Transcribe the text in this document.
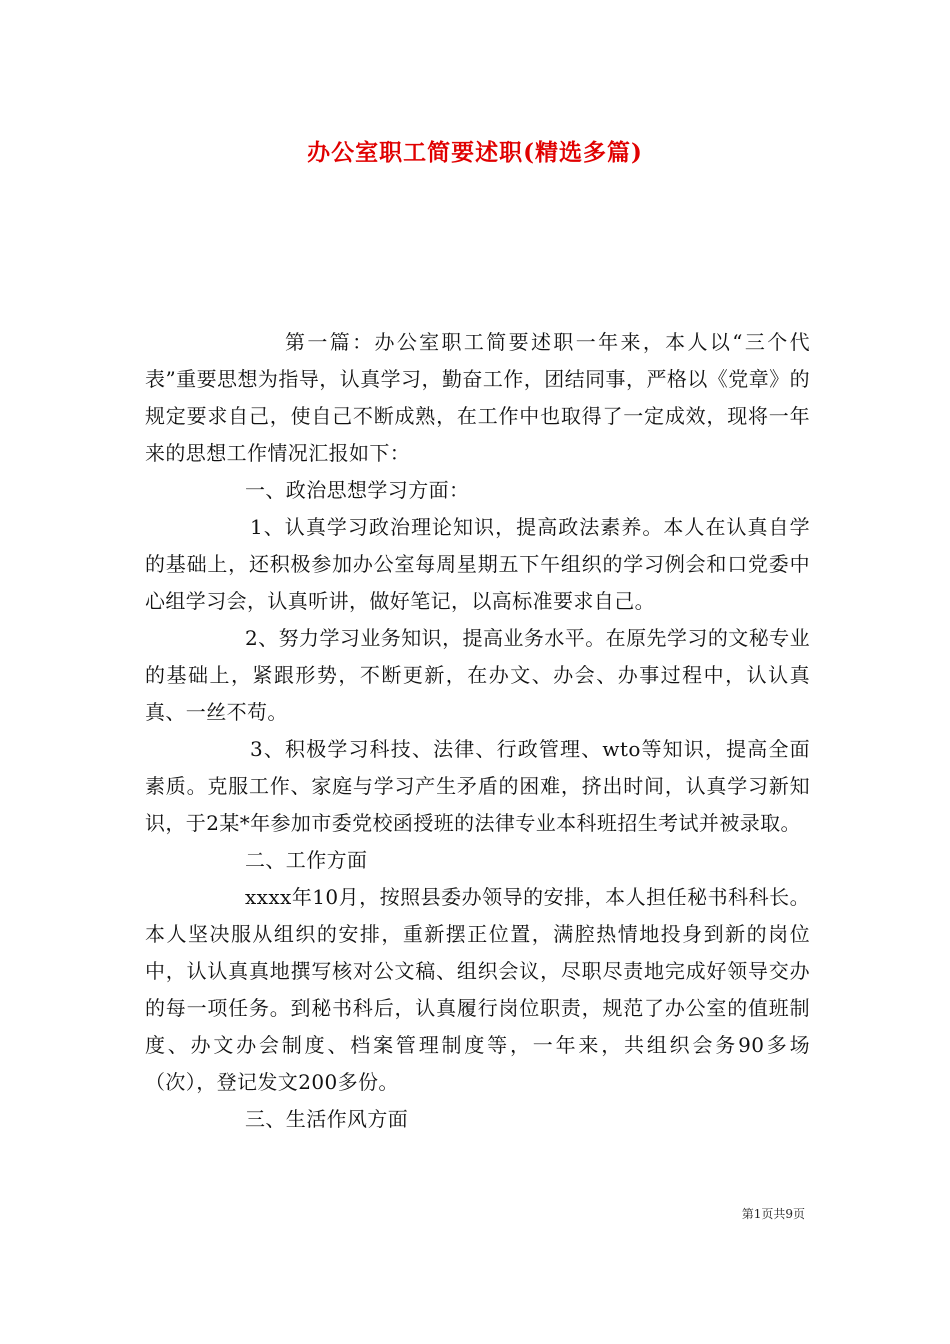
办公室职工简要述职(精选多篇)

第一篇：办公室职工简要述职一年来，本人以“三个代表”重要思想为指导，认真学习，勤奋工作，团结同事，严格以《党章》的规定要求自己，使自己不断成熟，在工作中也取得了一定成效，现将一年来的思想工作情况汇报如下：

一、政治思想学习方面：

1、认真学习政治理论知识，提高政法素养。本人在认真自学的基础上，还积极参加办公室每周星期五下午组织的学习例会和口党委中心组学习会，认真听讲，做好笔记，以高标准要求自己。

2、努力学习业务知识，提高业务水平。在原先学习的文秘专业的基础上，紧跟形势，不断更新，在办文、办会、办事过程中，认认真真、一丝不苟。

3、积极学习科技、法律、行政管理、wto等知识，提高全面素质。克服工作、家庭与学习产生矛盾的困难，挤出时间，认真学习新知识，于2某*年参加市委党校函授班的法律专业本科班招生考试并被录取。

二、工作方面

xxxx年10月，按照县委办领导的安排，本人担任秘书科科长。本人坚决服从组织的安排，重新摆正位置，满腔热情地投身到新的岗位中，认认真真地撰写核对公文稿、组织会议，尽职尽责地完成好领导交办的每一项任务。到秘书科后，认真履行岗位职责，规范了办公室的值班制度、办文办会制度、档案管理制度等，一年来，共组织会务90多场（次），登记发文200多份。

三、生活作风方面

第1页共9页
